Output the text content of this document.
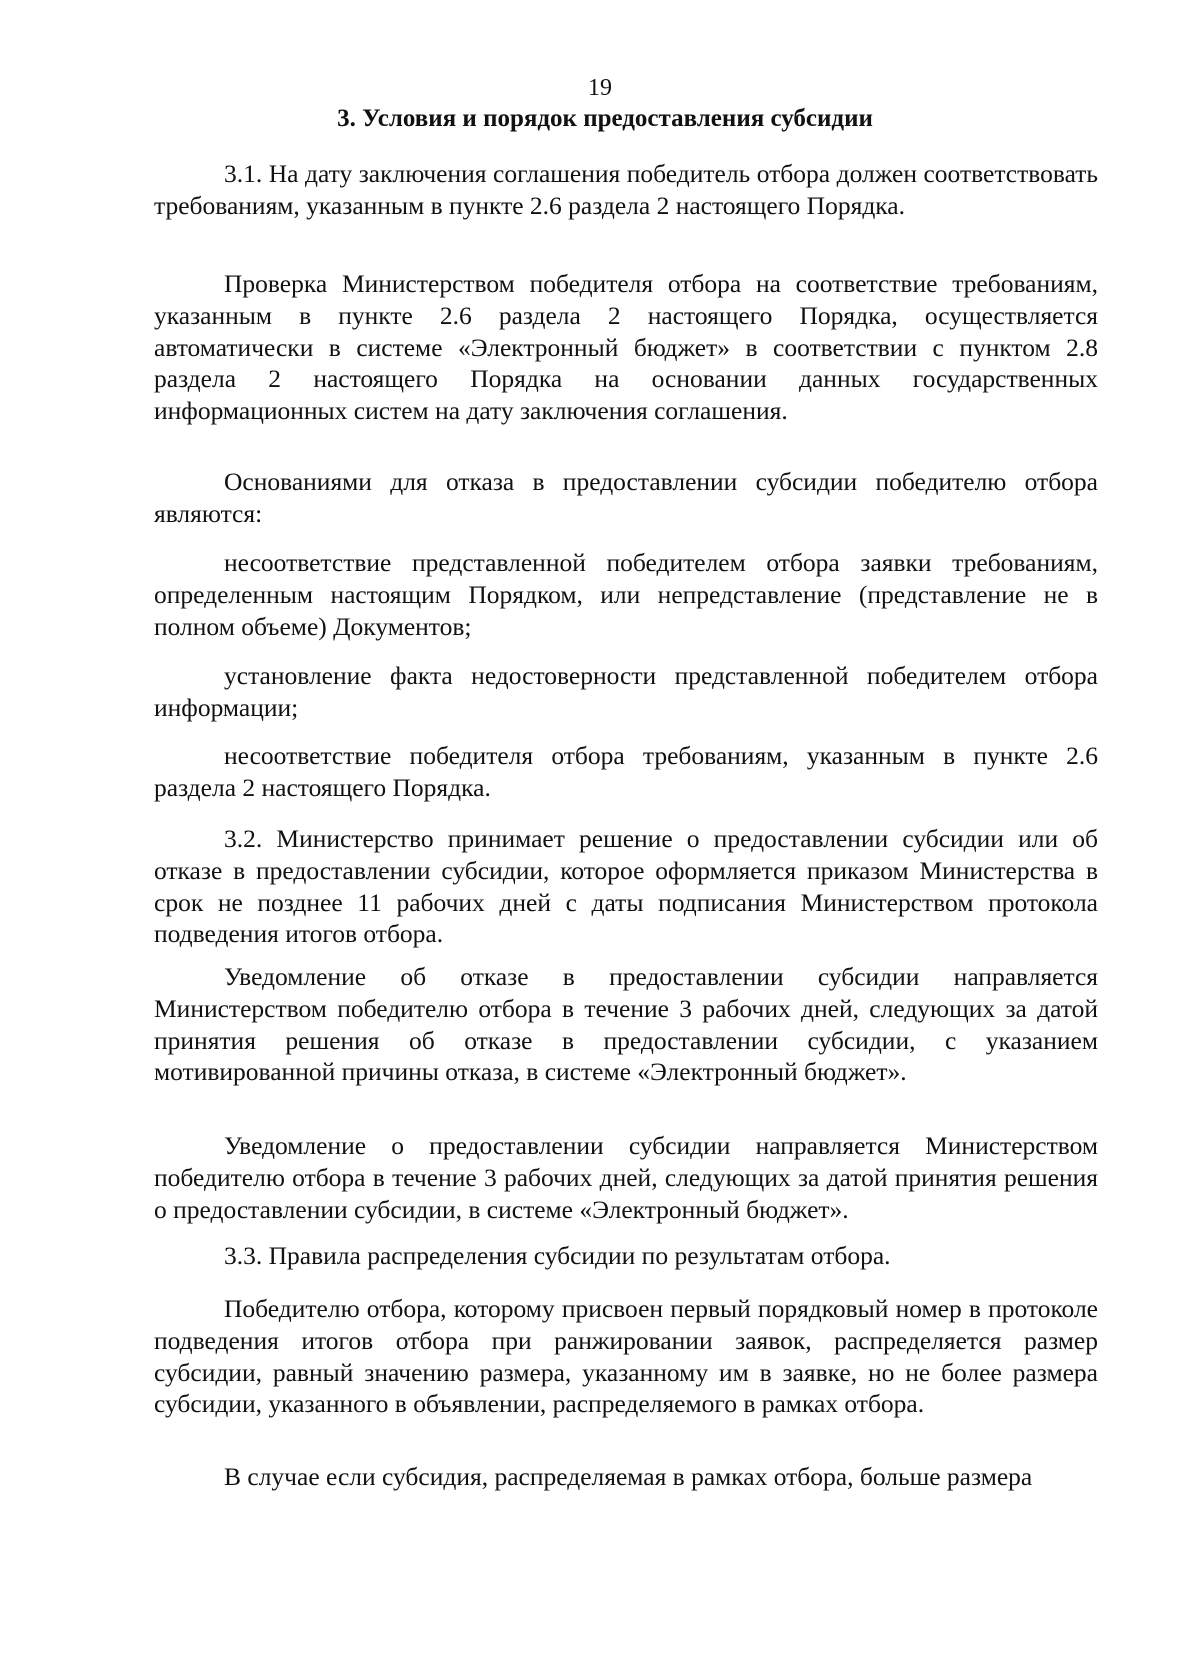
19
3. Условия и порядок предоставления субсидии

3.1. На дату заключения соглашения победитель отбора должен соответствовать требованиям, указанным в пункте 2.6 раздела 2 настоящего Порядка.

Проверка Министерством победителя отбора на соответствие требованиям, указанным в пункте 2.6 раздела 2 настоящего Порядка, осуществляется автоматически в системе «Электронный бюджет» в соответствии с пунктом 2.8 раздела 2 настоящего Порядка на основании данных государственных информационных систем на дату заключения соглашения.

Основаниями для отказа в предоставлении субсидии победителю отбора являются:

несоответствие представленной победителем отбора заявки требованиям, определенным настоящим Порядком, или непредставление (представление не в полном объеме) Документов;

установление факта недостоверности представленной победителем отбора информации;

несоответствие победителя отбора требованиям, указанным в пункте 2.6 раздела 2 настоящего Порядка.

3.2. Министерство принимает решение о предоставлении субсидии или об отказе в предоставлении субсидии, которое оформляется приказом Министерства в срок не позднее 11 рабочих дней с даты подписания Министерством протокола подведения итогов отбора.

Уведомление об отказе в предоставлении субсидии направляется Министерством победителю отбора в течение 3 рабочих дней, следующих за датой принятия решения об отказе в предоставлении субсидии, с указанием мотивированной причины отказа, в системе «Электронный бюджет».

Уведомление о предоставлении субсидии направляется Министерством победителю отбора в течение 3 рабочих дней, следующих за датой принятия решения о предоставлении субсидии, в системе «Электронный бюджет».

3.3. Правила распределения субсидии по результатам отбора.

Победителю отбора, которому присвоен первый порядковый номер в протоколе подведения итогов отбора при ранжировании заявок, распределяется размер субсидии, равный значению размера, указанному им в заявке, но не более размера субсидии, указанного в объявлении, распределяемого в рамках отбора.

В случае если субсидия, распределяемая в рамках отбора, больше размера
